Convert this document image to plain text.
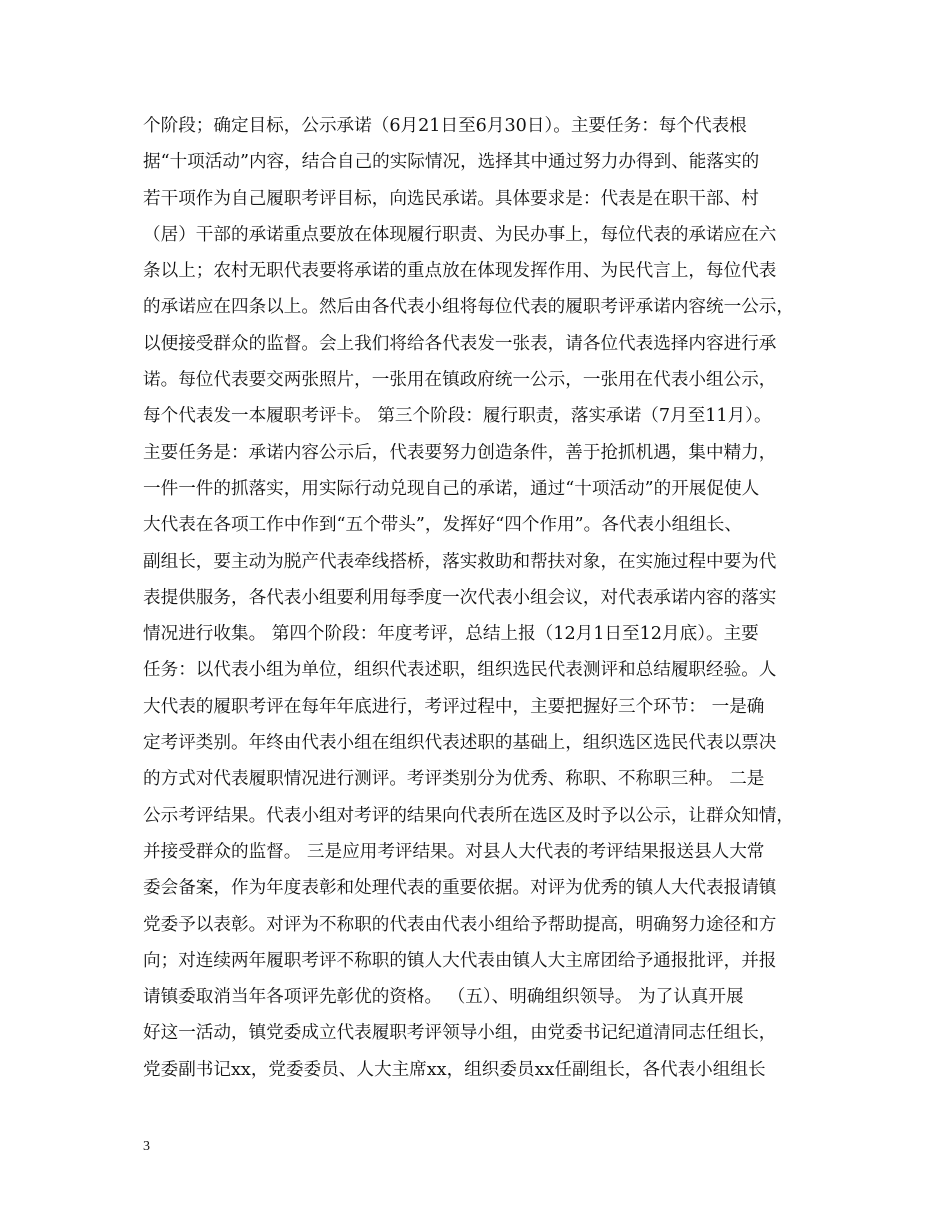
个阶段；确定目标，公示承诺（6月21日至6月30日）。主要任务：每个代表根
据“十项活动”内容，结合自己的实际情况，选择其中通过努力办得到、能落实的
若干项作为自己履职考评目标，向选民承诺。具体要求是：代表是在职干部、村
（居）干部的承诺重点要放在体现履行职责、为民办事上，每位代表的承诺应在六
条以上；农村无职代表要将承诺的重点放在体现发挥作用、为民代言上，每位代表
的承诺应在四条以上。然后由各代表小组将每位代表的履职考评承诺内容统一公示，
以便接受群众的监督。会上我们将给各代表发一张表，请各位代表选择内容进行承
诺。每位代表要交两张照片，一张用在镇政府统一公示，一张用在代表小组公示，
每个代表发一本履职考评卡。 第三个阶段：履行职责，落实承诺（7月至11月）。
主要任务是：承诺内容公示后，代表要努力创造条件，善于抢抓机遇，集中精力，
一件一件的抓落实，用实际行动兑现自己的承诺，通过“十项活动”的开展促使人
大代表在各项工作中作到“五个带头”，发挥好“四个作用”。各代表小组组长、
副组长，要主动为脱产代表牵线搭桥，落实救助和帮扶对象，在实施过程中要为代
表提供服务，各代表小组要利用每季度一次代表小组会议，对代表承诺内容的落实
情况进行收集。 第四个阶段：年度考评，总结上报（12月1日至12月底）。主要
任务：以代表小组为单位，组织代表述职，组织选民代表测评和总结履职经验。人
大代表的履职考评在每年年底进行，考评过程中，主要把握好三个环节： 一是确
定考评类别。年终由代表小组在组织代表述职的基础上，组织选区选民代表以票决
的方式对代表履职情况进行测评。考评类别分为优秀、称职、不称职三种。 二是
公示考评结果。代表小组对考评的结果向代表所在选区及时予以公示，让群众知情，
并接受群众的监督。 三是应用考评结果。对县人大代表的考评结果报送县人大常
委会备案，作为年度表彰和处理代表的重要依据。对评为优秀的镇人大代表报请镇
党委予以表彰。对评为不称职的代表由代表小组给予帮助提高，明确努力途径和方
向；对连续两年履职考评不称职的镇人大代表由镇人大主席团给予通报批评，并报
请镇委取消当年各项评先彰优的资格。 （五）、明确组织领导。 为了认真开展
好这一活动，镇党委成立代表履职考评领导小组，由党委书记纪道清同志任组长，
党委副书记xx，党委委员、人大主席xx，组织委员xx任副组长，各代表小组组长
3
